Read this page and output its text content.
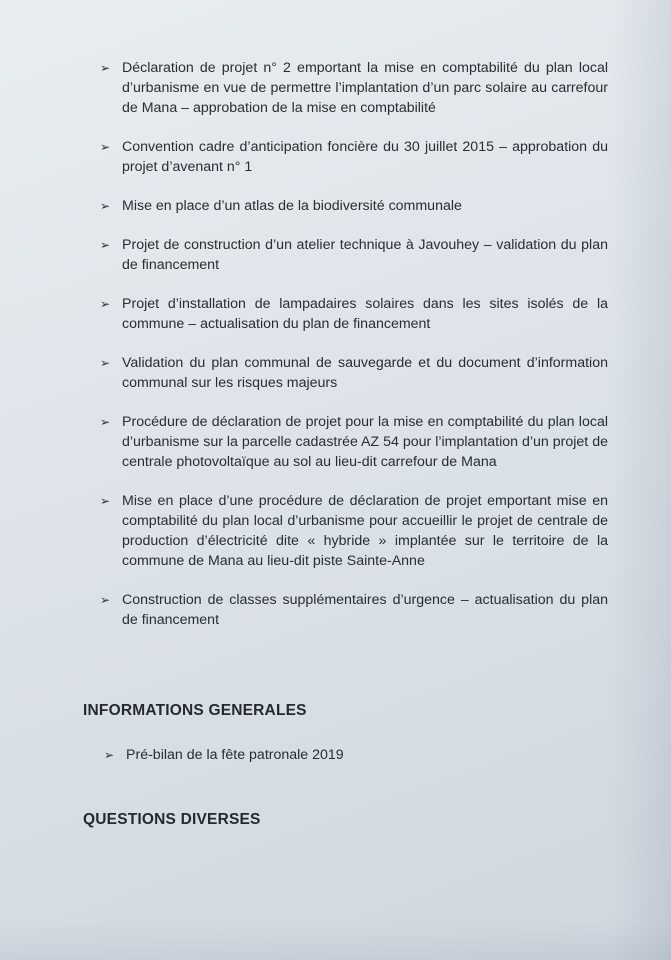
➢ Déclaration de projet n° 2 emportant la mise en comptabilité du plan local d’urbanisme en vue de permettre l’implantation d’un parc solaire au carrefour de Mana – approbation de la mise en comptabilité
➢ Convention cadre d’anticipation foncière du 30 juillet 2015 – approbation du projet d’avenant n° 1
➢ Mise en place d’un atlas de la biodiversité communale
➢ Projet de construction d’un atelier technique à Javouhey – validation du plan de financement
➢ Projet d’installation de lampadaires solaires dans les sites isolés de la commune – actualisation du plan de financement
➢ Validation du plan communal de sauvegarde et du document d’information communal sur les risques majeurs
➢ Procédure de déclaration de projet pour la mise en comptabilité du plan local d’urbanisme sur la parcelle cadastrée AZ 54 pour l’implantation d’un projet de centrale photovoltaïque au sol au lieu-dit carrefour de Mana
➢ Mise en place d’une procédure de déclaration de projet emportant mise en comptabilité du plan local d’urbanisme pour accueillir le projet de centrale de production d’électricité dite « hybride » implantée sur le territoire de la commune de Mana au lieu-dit piste Sainte-Anne
➢ Construction de classes supplémentaires d’urgence – actualisation du plan de financement
INFORMATIONS GENERALES
➢ Pré-bilan de la fête patronale 2019
QUESTIONS DIVERSES
